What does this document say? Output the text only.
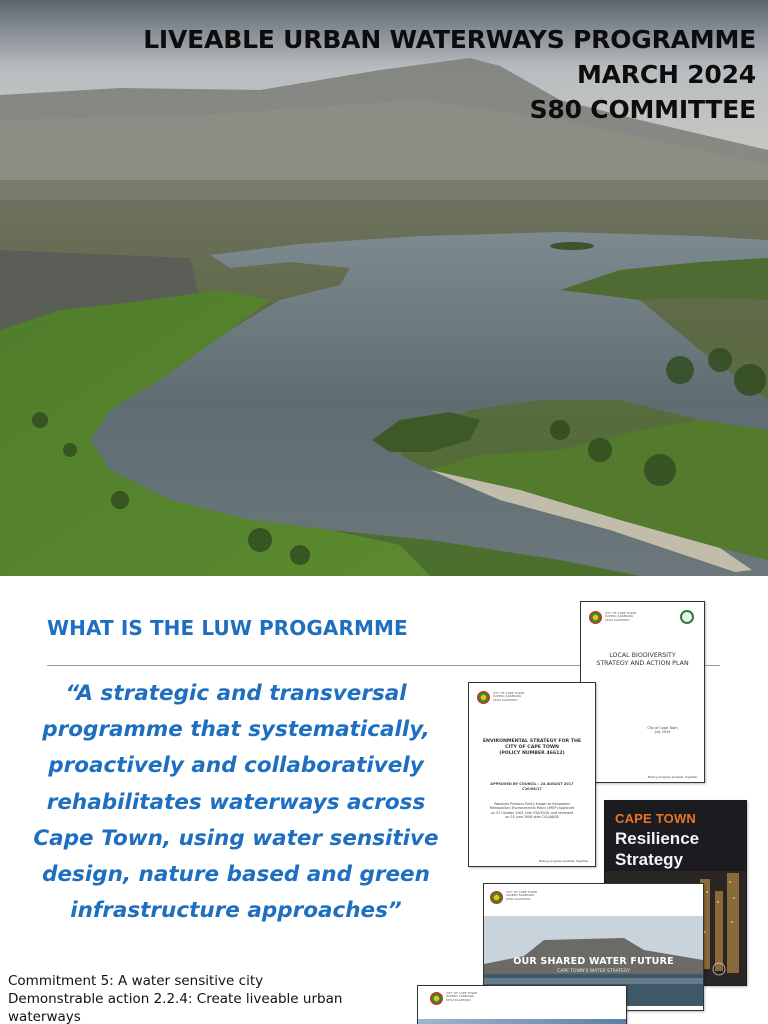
LIVEABLE URBAN WATERWAYS PROGRAMME
MARCH 2024
S80 COMMITTEE
WHAT IS THE LUW PROGARMME
“A strategic and transversal
programme that systematically,
proactively and collaboratively
rehabilitates waterways across
Cape Town, using water sensitive
design, nature based and green
infrastructure approaches”
Commitment 5: A water sensitive city
Demonstrable action 2.2.4: Create liveable urban
waterways
CITY OF CAPE TOWN
ISIXEKO SASEKAPA
STAD KAAPSTAD
LOCAL BIODIVERSITY
STRATEGY AND ACTION PLAN
City of Cape Town
July 2019
Making progress possible. Together.
CITY OF CAPE TOWN
ISIXEKO SASEKAPA
STAD KAAPSTAD
ENVIRONMENTAL STRATEGY FOR THE
CITY OF CAPE TOWN
(POLICY NUMBER 46612)
APPROVED BY COUNCIL : 24 AUGUST 2017
C20/08/17
Replaces Previous Policy known as Integrated
Metropolitan Environmental Policy (IMEP) approved
on 31 October 2001 vide C50/10/01 and reviewed
on 25 June 2008 vide C41/06/08
Making progress possible. Together.
CAPE TOWN
Resilience
Strategy
CITY OF CAPE TOWN
ISIXEKO SASEKAPA
STAD KAAPSTAD
OUR SHARED WATER FUTURE
CAPE TOWN'S WATER STRATEGY
CITY OF CAPE TOWN
ISIXEKO SASEKAPA
STAD KAAPSTAD
